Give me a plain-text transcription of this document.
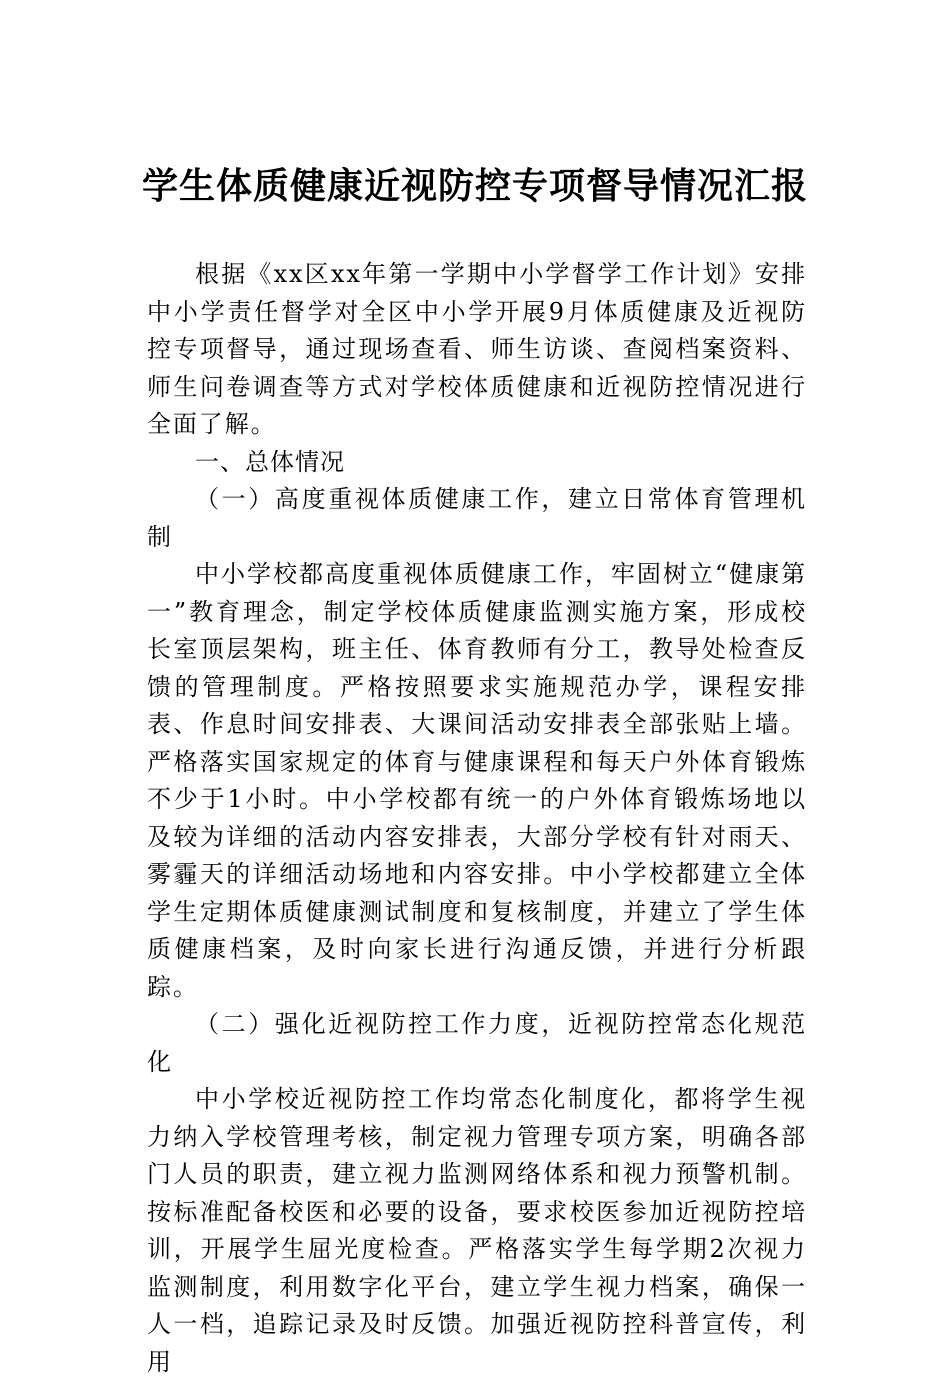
学生体质健康近视防控专项督导情况汇报

根据《xx区xx年第一学期中小学督学工作计划》安排中小学责任督学对全区中小学开展9月体质健康及近视防控专项督导，通过现场查看、师生访谈、查阅档案资料、师生问卷调查等方式对学校体质健康和近视防控情况进行全面了解。

一、总体情况

（一）高度重视体质健康工作，建立日常体育管理机制

中小学校都高度重视体质健康工作，牢固树立“健康第一”教育理念，制定学校体质健康监测实施方案，形成校长室顶层架构，班主任、体育教师有分工，教导处检查反馈的管理制度。严格按照要求实施规范办学，课程安排表、作息时间安排表、大课间活动安排表全部张贴上墙。严格落实国家规定的体育与健康课程和每天户外体育锻炼不少于1小时。中小学校都有统一的户外体育锻炼场地以及较为详细的活动内容安排表，大部分学校有针对雨天、雾霾天的详细活动场地和内容安排。中小学校都建立全体学生定期体质健康测试制度和复核制度，并建立了学生体质健康档案，及时向家长进行沟通反馈，并进行分析跟踪。

（二）强化近视防控工作力度，近视防控常态化规范化

中小学校近视防控工作均常态化制度化，都将学生视力纳入学校管理考核，制定视力管理专项方案，明确各部门人员的职责，建立视力监测网络体系和视力预警机制。按标准配备校医和必要的设备，要求校医参加近视防控培训，开展学生屈光度检查。严格落实学生每学期2次视力监测制度，利用数字化平台，建立学生视力档案，确保一人一档，追踪记录及时反馈。加强近视防控科普宣传，利用
